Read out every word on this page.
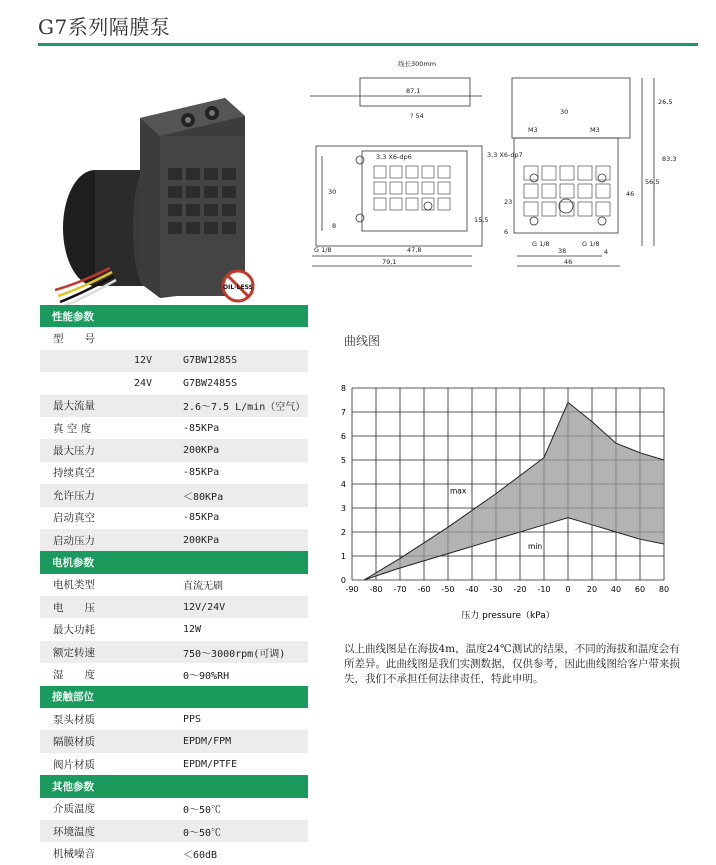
G7系列隔膜泵
OIL-LESS
线长300mm
87,1
? 54
30
8
47,8
79,1
15,5
G 1/8
3,3 X6-dp6	3,3 X6-dp7
M3	M3
30
26,5
83,3
56,5
46
23
6
G 1/8	G 1/8
4
38
46
性能参数
型　　号
12V	G7BW1285S
24V	G7BW2485S
最大流量	2.6～7.5 L/min（空气）
真 空 度	-85KPa
最大压力	200KPa
持续真空	-85KPa
允许压力	＜80KPa
启动真空	-85KPa
启动压力	200KPa
电机参数
电机类型	直流无刷
电　　压	12V/24V
最大功耗	12W
额定转速	750～3000rpm(可调)
湿　　度	0～90%RH
接触部位
泵头材质	PPS
隔膜材质	EPDM/FPM
阀片材质	EPDM/PTFE
其他参数
介质温度	0～50℃
环境温度	0～50℃
机械噪音	＜60dB
曲线图
0
1
2
3
4
5
6
7
8
-90 -80 -70 -60 -50 -40 -30 -20 -10 0 20 40 60 80
max
min
压力 pressure（kPa）
以上曲线图是在海拔4m，温度24℃测试的结果，不同的海拔和温度会有所差异。此曲线图是我们实测数据，仅供参考，因此曲线图给客户带来损失，我们不承担任何法律责任，特此申明。
